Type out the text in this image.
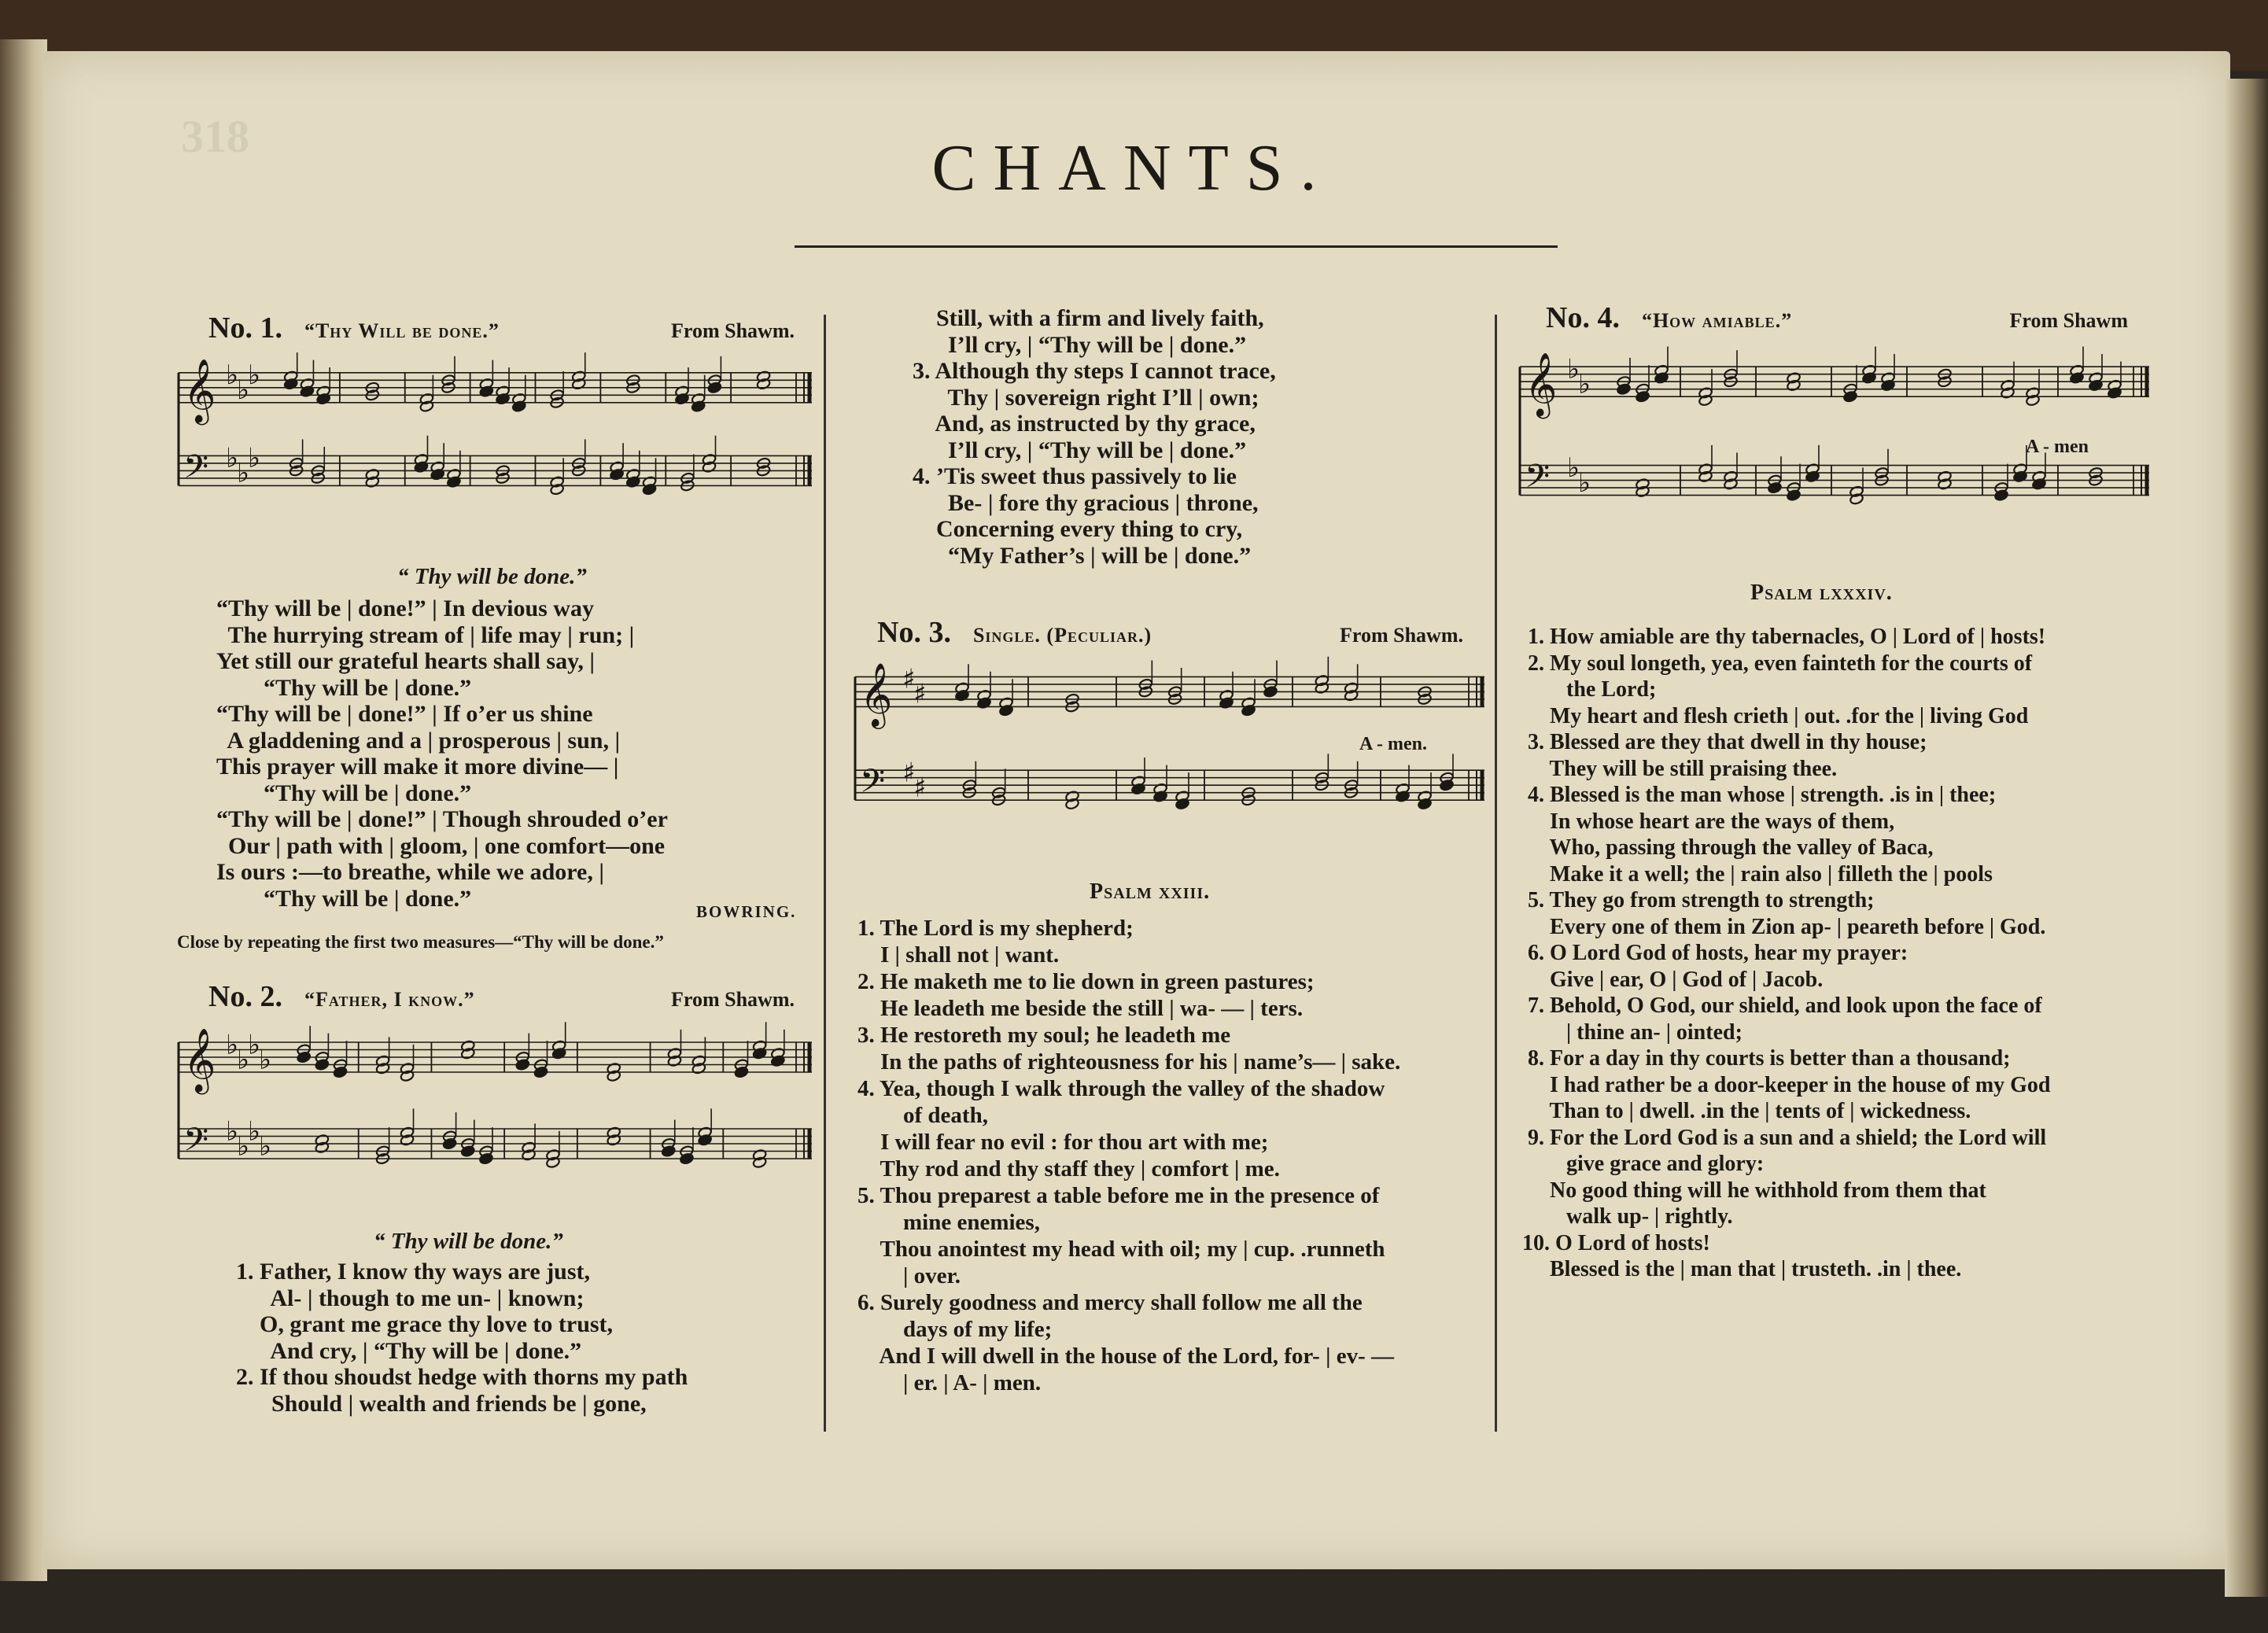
318	CHANTS.
No. 1. “Thy Will be done.”	From Shawm.
𝄞 ♭
♭
♭
𝄢 ♭
♭
♭
“ Thy will be done.”
“Thy will be | done!” | In devious way
The hurrying stream of | life may | run; |
Yet still our grateful hearts shall say, |
“Thy will be | done.”
“Thy will be | done!” | If o’er us shine
A gladdening and a | prosperous | sun, |
This prayer will make it more divine— |
“Thy will be | done.”
“Thy will be | done!” | Though shrouded o’er
Our | path with | gloom, | one comfort—one
Is ours :—to breathe, while we adore, |
“Thy will be | done.”
BOWRING.
Close by repeating the first two measures—“Thy will be done.”
No. 2. “Father, I know.”	From Shawm.
𝄞 ♭
♭
♭
♭
𝄢 ♭
♭
♭
♭
“ Thy will be done.”
1. Father, I know thy ways are just,
Al- | though to me un- | known;
O, grant me grace thy love to trust,
And cry, | “Thy will be | done.”
2. If thou shoudst hedge with thorns my path
Should | wealth and friends be | gone,
Still, with a firm and lively faith,
I’ll cry, | “Thy will be | done.”
3. Although thy steps I cannot trace,
Thy | sovereign right I’ll | own;
And, as instructed by thy grace,
I’ll cry, | “Thy will be | done.”
4. ’Tis sweet thus passively to lie
Be- | fore thy gracious | throne,
Concerning every thing to cry,
“My Father’s | will be | done.”
No. 3. Single. (Peculiar.)	From Shawm.
𝄞 ♯
♯
𝄢 ♯
♯
A - men.
Psalm xxiii.
1. The Lord is my shepherd;
I | shall not | want.
2. He maketh me to lie down in green pastures;
He leadeth me beside the still | wa- — | ters.
3. He restoreth my soul; he leadeth me
In the paths of righteousness for his | name’s— | sake.
4. Yea, though I walk through the valley of the shadow
of death,
I will fear no evil : for thou art with me;
Thy rod and thy staff they | comfort | me.
5. Thou preparest a table before me in the presence of
mine enemies,
Thou anointest my head with oil; my | cup. .runneth
| over.
6. Surely goodness and mercy shall follow me all the
days of my life;
And I will dwell in the house of the Lord, for- | ev- —
| er. | A- | men.
No. 4. “How amiable.”	From Shawm
𝄞 ♭
♭
𝄢 ♭
♭
A - men
Psalm lxxxiv.
1. How amiable are thy tabernacles, O | Lord of | hosts!
2. My soul longeth, yea, even fainteth for the courts of
the Lord;
My heart and flesh crieth | out. .for the | living God
3. Blessed are they that dwell in thy house;
They will be still praising thee.
4. Blessed is the man whose | strength. .is in | thee;
In whose heart are the ways of them,
Who, passing through the valley of Baca,
Make it a well; the | rain also | filleth the | pools
5. They go from strength to strength;
Every one of them in Zion ap- | peareth before | God.
6. O Lord God of hosts, hear my prayer:
Give | ear, O | God of | Jacob.
7. Behold, O God, our shield, and look upon the face of
| thine an- | ointed;
8. For a day in thy courts is better than a thousand;
I had rather be a door-keeper in the house of my God
Than to | dwell. .in the | tents of | wickedness.
9. For the Lord God is a sun and a shield; the Lord will
give grace and glory:
No good thing will he withhold from them that
walk up- | rightly.
10. O Lord of hosts!
Blessed is the | man that | trusteth. .in | thee.
